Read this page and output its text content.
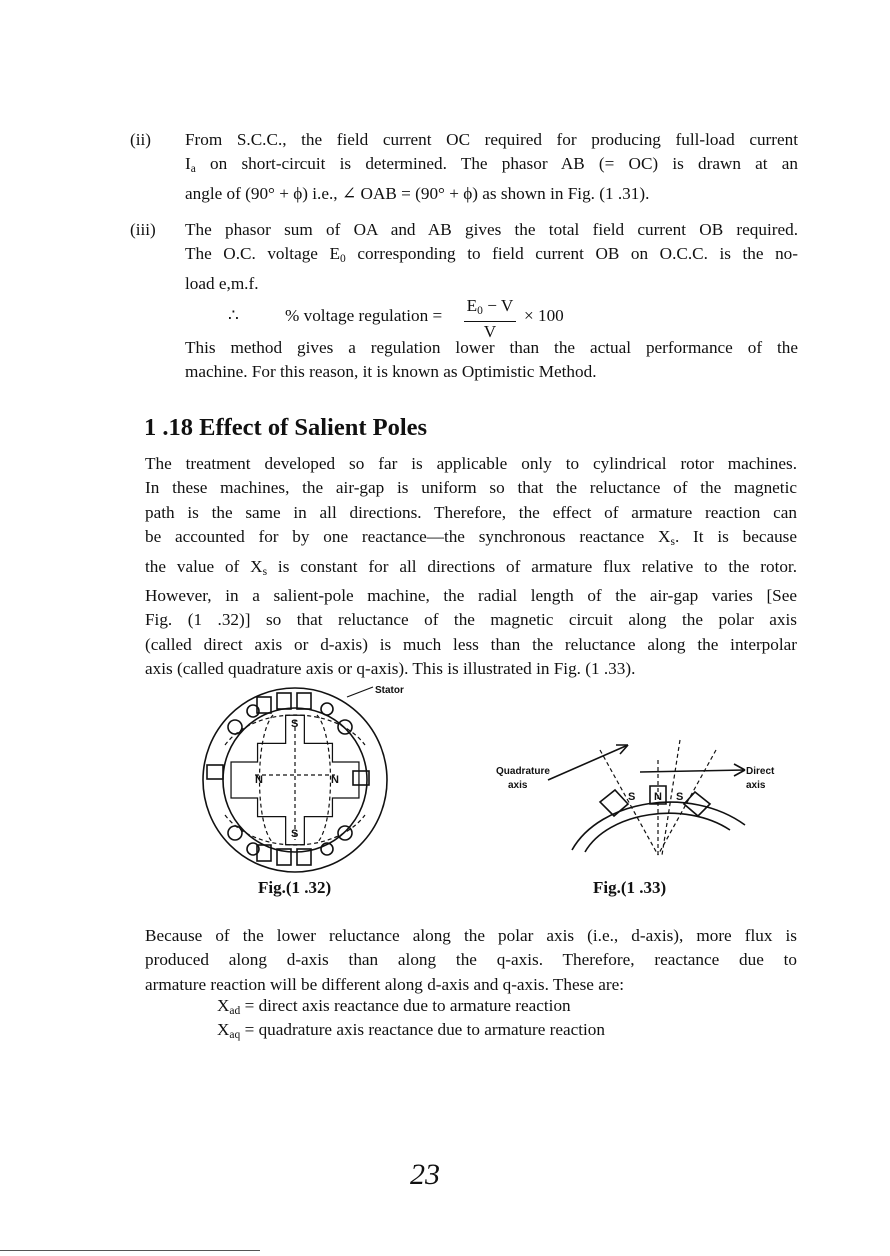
(ii) From S.C.C., the field current OC required for producing full-load current
$I_a$ on short-circuit is determined. The phasor AB (= OC) is drawn at an
angle of (90° + ϕ) i.e., ∠ OAB = (90° + ϕ) as shown in Fig. (1 .31).
(iii) The phasor sum of OA and AB gives the total field current OB required.
The O.C. voltage $E_0$ corresponding to field current OB on O.C.C. is the no-
load e,m.f.
∴	% voltage regulation =
$E_0 - V$
V
× 100
This method gives a regulation lower than the actual performance of the
machine. For this reason, it is known as Optimistic Method.
1 .18 Effect of Salient Poles
The treatment developed so far is applicable only to cylindrical rotor machines.
In these machines, the air-gap is uniform so that the reluctance of the magnetic
path is the same in all directions. Therefore, the effect of armature reaction can
be accounted for by one reactance—the synchronous reactance $X_s$. It is because
the value of $X_s$ is constant for all directions of armature flux relative to the rotor.
However, in a salient-pole machine, the radial length of the air-gap varies [See
Fig. (1 .32)] so that reluctance of the magnetic circuit along the polar axis
(called direct axis or d-axis) is much less than the reluctance along the interpolar
axis (called quadrature axis or q-axis). This is illustrated in Fig. (1 .33).
N	N
S
S
Stator
S N S
Quadrature
axis
Direct
axis
Fig.(1 .32)	Fig.(1 .33)
Because of the lower reluctance along the polar axis (i.e., d-axis), more flux is
produced along d-axis than along the q-axis. Therefore, reactance due to
armature reaction will be different along d-axis and q-axis. These are:
$X_{ad}$ = direct axis reactance due to armature reaction
$X_{aq}$ = quadrature axis reactance due to armature reaction
23
